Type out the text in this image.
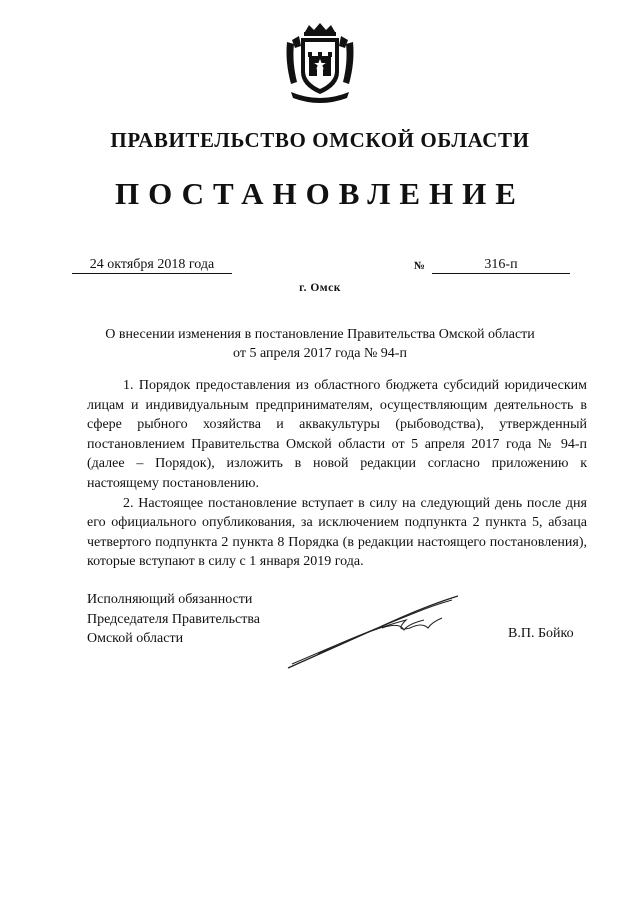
ПРАВИТЕЛЬСТВО ОМСКОЙ ОБЛАСТИ
ПОСТАНОВЛЕНИЕ
24 октября 2018 года	№	316-п
г. Омск
О внесении изменения в постановление Правительства Омской области
от 5 апреля 2017 года № 94-п

1. Порядок предоставления из областного бюджета субсидий юридическим лицам и индивидуальным предпринимателям, осуществляющим деятельность в сфере рыбного хозяйства и аквакультуры (рыбоводства), утвержденный постановлением Правительства Омской области от 5 апреля 2017 года № 94-п (далее – Порядок), изложить в новой редакции согласно приложению к настоящему постановлению.

2. Настоящее постановление вступает в силу на следующий день после дня его официального опубликования, за исключением подпункта 2 пункта 5, абзаца четвертого подпункта 2 пункта 8 Порядка (в редакции настоящего постановления), которые вступают в силу с 1 января 2019 года.

Исполняющий обязанности
Председателя Правительства
Омской области	В.П. Бойко
